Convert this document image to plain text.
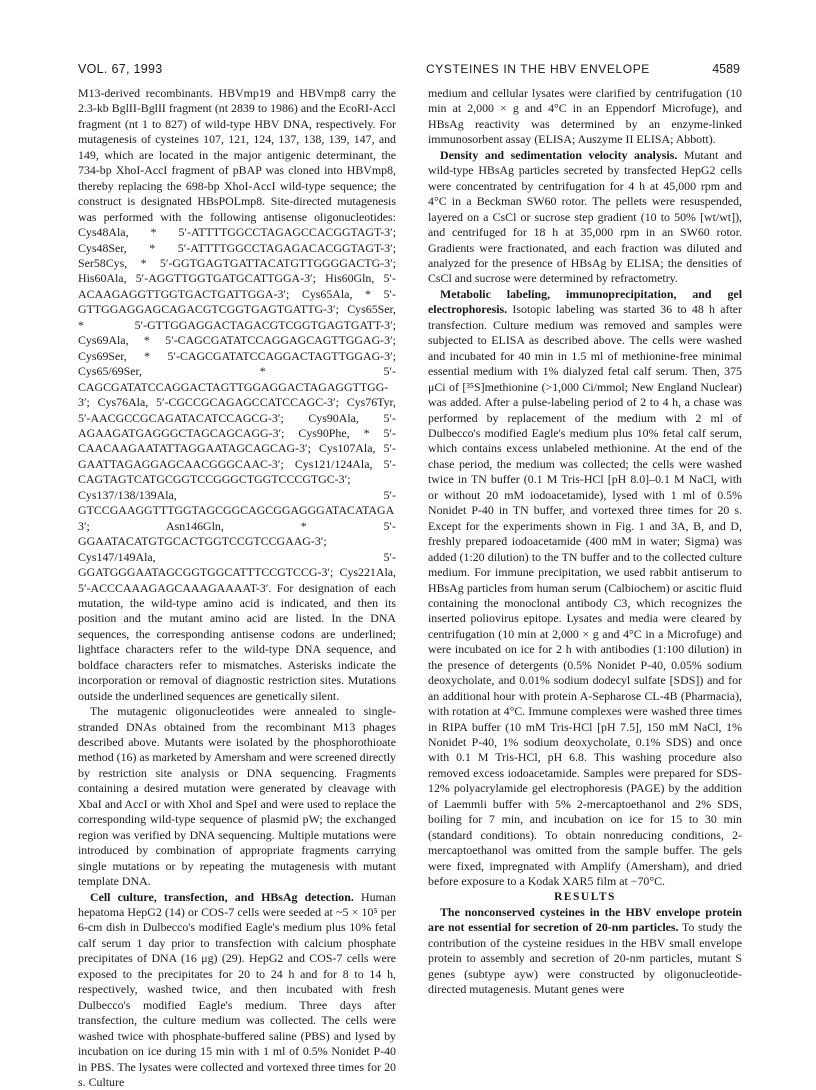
VOL. 67, 1993	CYSTEINES IN THE HBV ENVELOPE	4589

M13-derived recombinants. HBVmp19 and HBVmp8 carry the 2.3-kb BglII-BglII fragment (nt 2839 to 1986) and the EcoRI-AccI fragment (nt 1 to 827) of wild-type HBV DNA, respectively. For mutagenesis of cysteines 107, 121, 124, 137, 138, 139, 147, and 149, which are located in the major antigenic determinant, the 734-bp XhoI-AccI fragment of pBAP was cloned into HBVmp8, thereby replacing the 698-bp XhoI-AccI wild-type sequence; the construct is designated HBsPOLmp8. Site-directed mutagenesis was performed with the following antisense oligonucleotides: Cys48Ala, * 5′-ATTTTGGCCTAGAGCCACGGTAGT-3′; Cys48Ser, * 5′-ATTTTGGCCTAGAGACACGGTAGT-3′; Ser58Cys, * 5′-GGTGAGTGATTACATGTTGGGGACTG-3′; His60Ala, 5′-AGGTTGGTGATGCATTGGA-3′; His60Gln, 5′-ACAAGAGGTTGGTGACTGATTGGA-3′; Cys65Ala, * 5′-GTTGGAGGAGCAGACGTCGGTGAGTGATTG-3′; Cys65Ser, * 5′-GTTGGAGGACTAGACGTCGGTGAGTGATT-3′; Cys69Ala, * 5′-CAGCGATATCCAGGAGCAGTTGGAG-3′; Cys69Ser, * 5′-CAGCGATATCCAGGACTAGTTGGAG-3′; Cys65/69Ser, * 5′-CAGCGATATCCAGGACTAGTTGGAGGACTAGAGGTTGG-3′; Cys76Ala, 5′-CGCCGCAGAGCCATCCAGC-3′; Cys76Tyr, 5′-AACGCCGCAGATACATCCAGCG-3′; Cys90Ala, 5′-AGAAGATGAGGGCTAGCAGCAGG-3′; Cys90Phe, * 5′-CAACAAGAATATTAGGAATAGCAGCAG-3′; Cys107Ala, 5′-GAATTAGAGGAGCAACGGGCAAC-3′; Cys121/124Ala, 5′-CAGTAGTCATGCGGTCCGGGCTGGTCCCGTGC-3′; Cys137/138/139Ala, 5′-GTCCGAAGGTTTGGTAGCGGCAGCGGAGGGATACATAGA 3′; Asn146Gln, * 5′-GGAATACATGTGCACTGGTCCGTCCGAAG-3′; Cys147/149Ala, 5′-GGATGGGAATAGCGGTGGCATTTCCGTCCG-3′; Cys221Ala, 5′-ACCCAAAGAGCAAAGAAAAT-3′. For designation of each mutation, the wild-type amino acid is indicated, and then its position and the mutant amino acid are listed. In the DNA sequences, the corresponding antisense codons are underlined; lightface characters refer to the wild-type DNA sequence, and boldface characters refer to mismatches. Asterisks indicate the incorporation or removal of diagnostic restriction sites. Mutations outside the underlined sequences are genetically silent.

The mutagenic oligonucleotides were annealed to single-stranded DNAs obtained from the recombinant M13 phages described above. Mutants were isolated by the phosphorothioate method (16) as marketed by Amersham and were screened directly by restriction site analysis or DNA sequencing. Fragments containing a desired mutation were generated by cleavage with XbaI and AccI or with XhoI and SpeI and were used to replace the corresponding wild-type sequence of plasmid pW; the exchanged region was verified by DNA sequencing. Multiple mutations were introduced by combination of appropriate fragments carrying single mutations or by repeating the mutagenesis with mutant template DNA.

Cell culture, transfection, and HBsAg detection. Human hepatoma HepG2 (14) or COS-7 cells were seeded at ~5 × 10⁵ per 6-cm dish in Dulbecco's modified Eagle's medium plus 10% fetal calf serum 1 day prior to transfection with calcium phosphate precipitates of DNA (16 μg) (29). HepG2 and COS-7 cells were exposed to the precipitates for 20 to 24 h and for 8 to 14 h, respectively, washed twice, and then incubated with fresh Dulbecco's modified Eagle's medium. Three days after transfection, the culture medium was collected. The cells were washed twice with phosphate-buffered saline (PBS) and lysed by incubation on ice during 15 min with 1 ml of 0.5% Nonidet P-40 in PBS. The lysates were collected and vortexed three times for 20 s. Culture

medium and cellular lysates were clarified by centrifugation (10 min at 2,000 × g and 4°C in an Eppendorf Microfuge), and HBsAg reactivity was determined by an enzyme-linked immunosorbent assay (ELISA; Auszyme II ELISA; Abbott).

Density and sedimentation velocity analysis. Mutant and wild-type HBsAg particles secreted by transfected HepG2 cells were concentrated by centrifugation for 4 h at 45,000 rpm and 4°C in a Beckman SW60 rotor. The pellets were resuspended, layered on a CsCl or sucrose step gradient (10 to 50% [wt/wt]), and centrifuged for 18 h at 35,000 rpm in an SW60 rotor. Gradients were fractionated, and each fraction was diluted and analyzed for the presence of HBsAg by ELISA; the densities of CsCl and sucrose were determined by refractometry.

Metabolic labeling, immunoprecipitation, and gel electrophoresis. Isotopic labeling was started 36 to 48 h after transfection. Culture medium was removed and samples were subjected to ELISA as described above. The cells were washed and incubated for 40 min in 1.5 ml of methionine-free minimal essential medium with 1% dialyzed fetal calf serum. Then, 375 μCi of [³⁵S]methionine (>1,000 Ci/mmol; New England Nuclear) was added. After a pulse-labeling period of 2 to 4 h, a chase was performed by replacement of the medium with 2 ml of Dulbecco's modified Eagle's medium plus 10% fetal calf serum, which contains excess unlabeled methionine. At the end of the chase period, the medium was collected; the cells were washed twice in TN buffer (0.1 M Tris-HCl [pH 8.0]–0.1 M NaCl, with or without 20 mM iodoacetamide), lysed with 1 ml of 0.5% Nonidet P-40 in TN buffer, and vortexed three times for 20 s. Except for the experiments shown in Fig. 1 and 3A, B, and D, freshly prepared iodoacetamide (400 mM in water; Sigma) was added (1:20 dilution) to the TN buffer and to the collected culture medium. For immune precipitation, we used rabbit antiserum to HBsAg particles from human serum (Calbiochem) or ascitic fluid containing the monoclonal antibody C3, which recognizes the inserted poliovirus epitope. Lysates and media were cleared by centrifugation (10 min at 2,000 × g and 4°C in a Microfuge) and were incubated on ice for 2 h with antibodies (1:100 dilution) in the presence of detergents (0.5% Nonidet P-40, 0.05% sodium deoxycholate, and 0.01% sodium dodecyl sulfate [SDS]) and for an additional hour with protein A-Sepharose CL-4B (Pharmacia), with rotation at 4°C. Immune complexes were washed three times in RIPA buffer (10 mM Tris-HCl [pH 7.5], 150 mM NaCl, 1% Nonidet P-40, 1% sodium deoxycholate, 0.1% SDS) and once with 0.1 M Tris-HCl, pH 6.8. This washing procedure also removed excess iodoacetamide. Samples were prepared for SDS-12% polyacrylamide gel electrophoresis (PAGE) by the addition of Laemmli buffer with 5% 2-mercaptoethanol and 2% SDS, boiling for 7 min, and incubation on ice for 15 to 30 min (standard conditions). To obtain nonreducing conditions, 2-mercaptoethanol was omitted from the sample buffer. The gels were fixed, impregnated with Amplify (Amersham), and dried before exposure to a Kodak XAR5 film at −70°C.

RESULTS

The nonconserved cysteines in the HBV envelope protein are not essential for secretion of 20-nm particles. To study the contribution of the cysteine residues in the HBV small envelope protein to assembly and secretion of 20-nm particles, mutant S genes (subtype ayw) were constructed by oligonucleotide-directed mutagenesis. Mutant genes were
